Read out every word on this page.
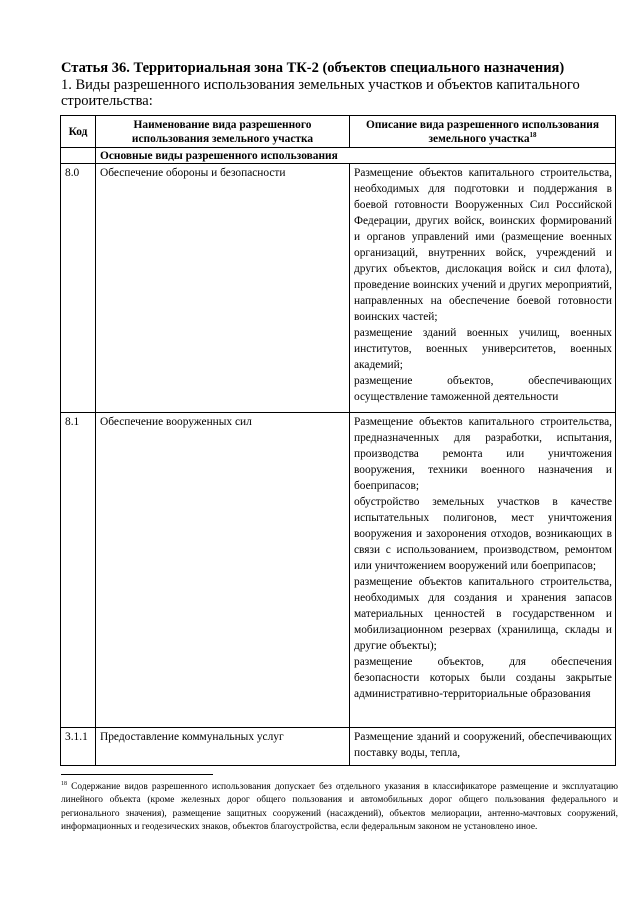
Статья 36. Территориальная зона ТК-2 (объектов специального назначения)
1. Виды разрешенного использования земельных участков и объектов капитального строительства:
Код	Наименование вида разрешенного использования земельного участка	Описание вида разрешенного использования земельного участка$^{18}$
	Основные виды разрешенного использования	
8.0	Обеспечение обороны и безопасности	Размещение объектов капитального строительства, необходимых для подготовки и поддержания в боевой готовности Вооруженных Сил Российской Федерации, других войск, воинских формирований и органов управлений ими (размещение военных организаций, внутренних войск, учреждений и других объектов, дислокация войск и сил флота), проведение воинских учений и других мероприятий, направленных на обеспечение боевой готовности воинских частей;
размещение зданий военных училищ, военных институтов, военных университетов, военных академий;
размещение объектов, обеспечивающих осуществление таможенной деятельности

8.1	Обеспечение вооруженных сил	Размещение объектов капитального строительства, предназначенных для разработки, испытания, производства ремонта или уничтожения вооружения, техники военного назначения и боеприпасов;
обустройство земельных участков в качестве испытательных полигонов, мест уничтожения вооружения и захоронения отходов, возникающих в связи с использованием, производством, ремонтом или уничтожением вооружений или боеприпасов;
размещение объектов капитального строительства, необходимых для создания и хранения запасов материальных ценностей в государственном и мобилизационном резервах (хранилища, склады и другие объекты);
размещение объектов, для обеспечения безопасности которых были созданы закрытые административно-территориальные образования

3.1.1	Предоставление коммунальных услуг	Размещение зданий и сооружений, обеспечивающих поставку воды, тепла,
$^{18}$ Содержание видов разрешенного использования допускает без отдельного указания в классификаторе размещение и эксплуатацию линейного объекта (кроме железных дорог общего пользования и автомобильных дорог общего пользования федерального и регионального значения), размещение защитных сооружений (насаждений), объектов мелиорации, антенно-мачтовых сооружений, информационных и геодезических знаков, объектов благоустройства, если федеральным законом не установлено иное.
